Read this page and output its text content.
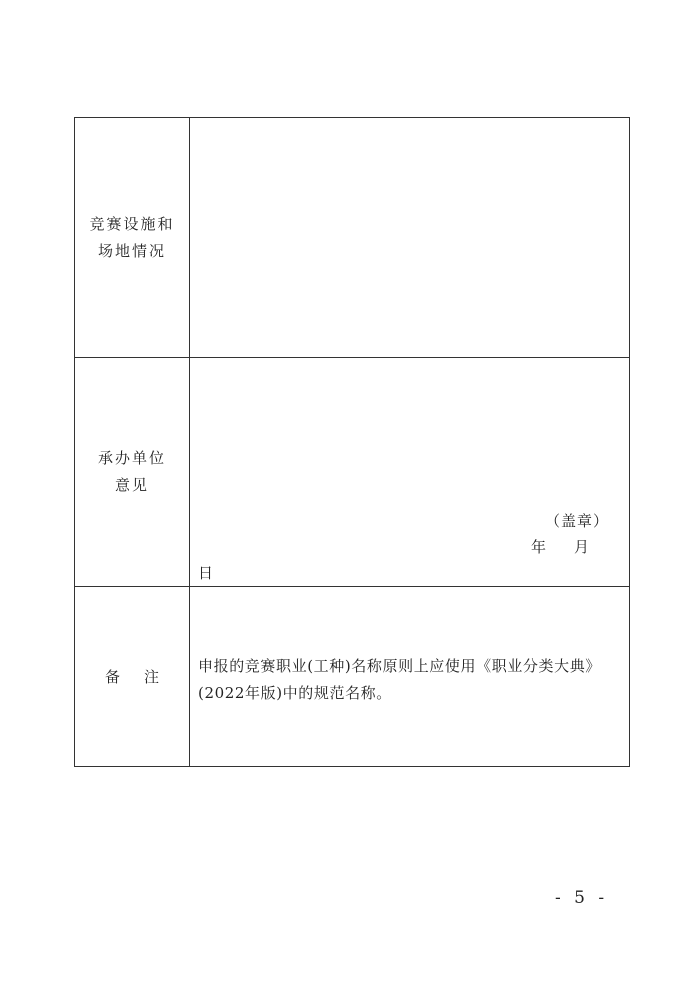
竞赛设施和
场地情况
承办单位
意见
（盖章）
年 月
日
备注
申报的竞赛职业(工种)名称原则上应使用《职业分类大典》
(2022年版)中的规范名称。
- 5 -
